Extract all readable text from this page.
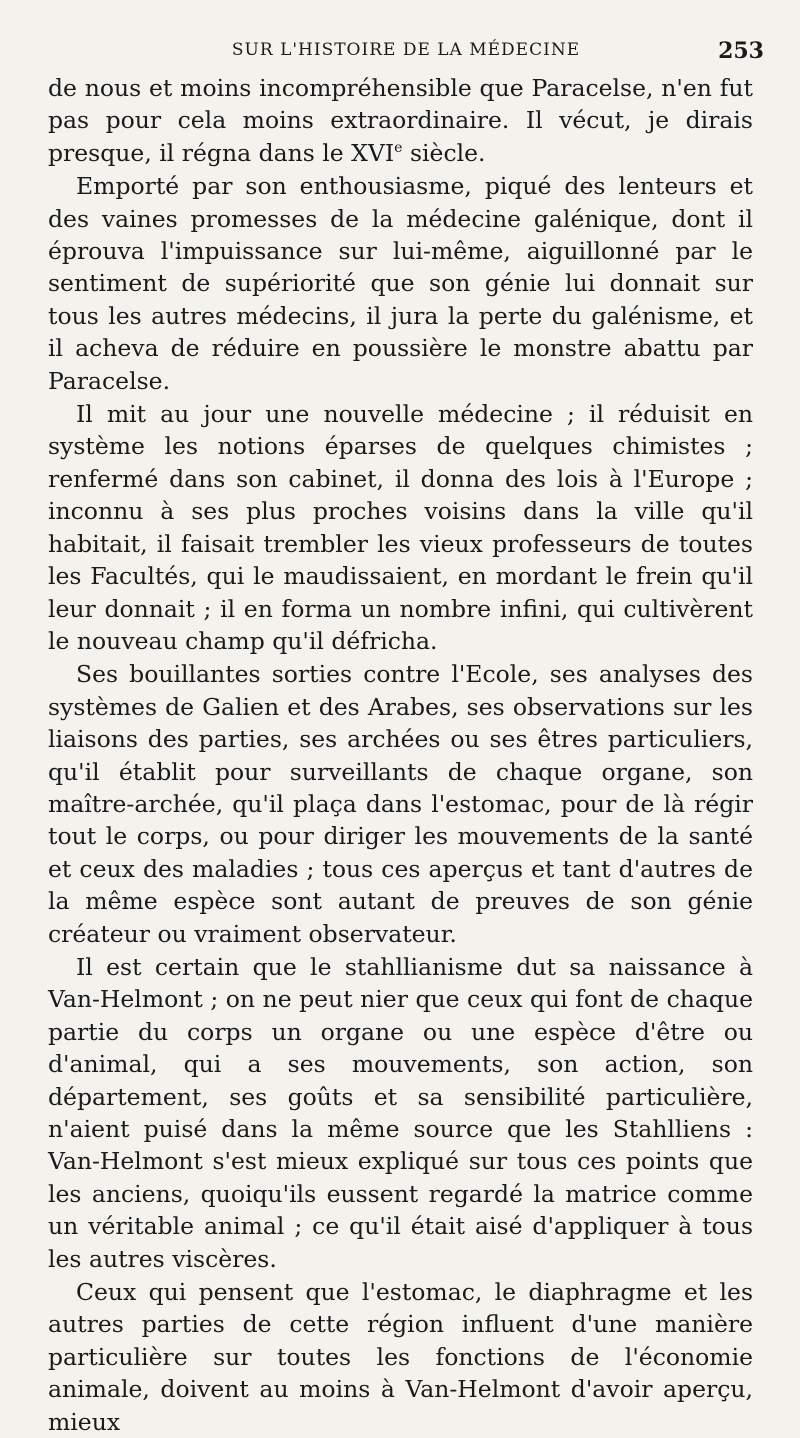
SUR L'HISTOIRE DE LA MÉDECINE	253

de nous et moins incompréhensible que Paracelse, n'en fut pas pour cela moins extraordinaire. Il vécut, je dirais presque, il régna dans le XVIe siècle.

Emporté par son enthousiasme, piqué des lenteurs et des vaines promesses de la médecine galénique, dont il éprouva l'impuissance sur lui-même, aiguillonné par le sentiment de supériorité que son génie lui donnait sur tous les autres médecins, il jura la perte du galénisme, et il acheva de réduire en poussière le monstre abattu par Paracelse.

Il mit au jour une nouvelle médecine ; il réduisit en système les notions éparses de quelques chimistes ; renfermé dans son cabinet, il donna des lois à l'Europe ; inconnu à ses plus proches voisins dans la ville qu'il habitait, il faisait trembler les vieux professeurs de toutes les Facultés, qui le maudissaient, en mordant le frein qu'il leur donnait ; il en forma un nombre infini, qui cultivèrent le nouveau champ qu'il défricha.

Ses bouillantes sorties contre l'Ecole, ses analyses des systèmes de Galien et des Arabes, ses observations sur les liaisons des parties, ses archées ou ses êtres particuliers, qu'il établit pour surveillants de chaque organe, son maître-archée, qu'il plaça dans l'estomac, pour de là régir tout le corps, ou pour diriger les mouvements de la santé et ceux des maladies ; tous ces aperçus et tant d'autres de la même espèce sont autant de preuves de son génie créateur ou vraiment observateur.

Il est certain que le stahllianisme dut sa naissance à Van-Helmont ; on ne peut nier que ceux qui font de chaque partie du corps un organe ou une espèce d'être ou d'animal, qui a ses mouvements, son action, son département, ses goûts et sa sensibilité particulière, n'aient puisé dans la même source que les Stahlliens : Van-Helmont s'est mieux expliqué sur tous ces points que les anciens, quoiqu'ils eussent regardé la matrice comme un véritable animal ; ce qu'il était aisé d'appliquer à tous les autres viscères.

Ceux qui pensent que l'estomac, le diaphragme et les autres parties de cette région influent d'une manière particulière sur toutes les fonctions de l'économie animale, doivent au moins à Van-Helmont d'avoir aperçu, mieux
